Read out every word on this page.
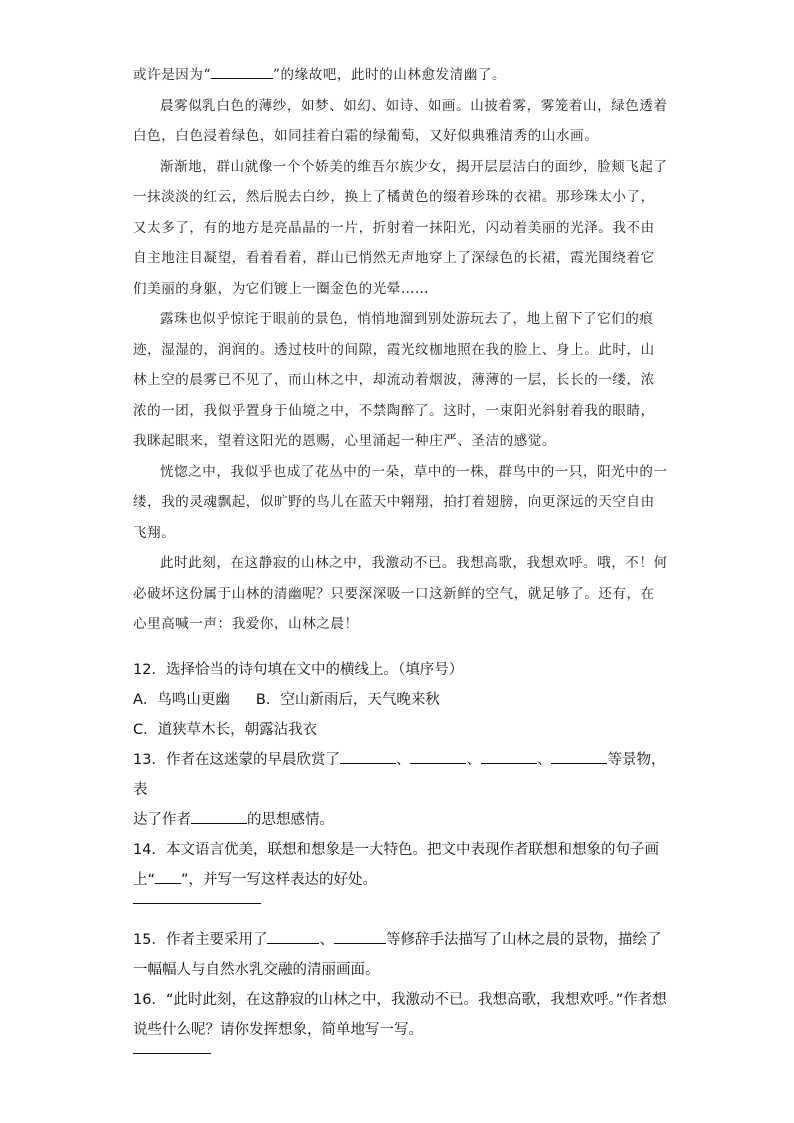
或许是因为“	”的缘故吧，此时的山林愈发清幽了。

晨雾似乳白色的薄纱，如梦、如幻、如诗、如画。山披着雾，雾笼着山，绿色透着白色，白色浸着绿色，如同挂着白霜的绿葡萄，又好似典雅清秀的山水画。

渐渐地，群山就像一个个娇美的维吾尔族少女，揭开层层洁白的面纱，脸颊飞起了一抹淡淡的红云，然后脱去白纱，换上了橘黄色的缀着珍珠的衣裙。那珍珠太小了，又太多了，有的地方是亮晶晶的一片，折射着一抹阳光，闪动着美丽的光泽。我不由自主地注目凝望，看着看着，群山已悄然无声地穿上了深绿色的长裙，霞光围绕着它们美丽的身躯，为它们镀上一圈金色的光晕……

露珠也似乎惊诧于眼前的景色，悄悄地溜到别处游玩去了，地上留下了它们的痕迹，湿湿的，润润的。透过枝叶的间隙，霞光纹枷地照在我的脸上、身上。此时，山林上空的晨雾已不见了，而山林之中，却流动着烟波，薄薄的一层，长长的一缕，浓浓的一团，我似乎置身于仙境之中，不禁陶醉了。这时，一束阳光斜射着我的眼睛，我眯起眼来，望着这阳光的恩赐，心里涌起一种庄严、圣洁的感觉。

恍惚之中，我似乎也成了花丛中的一朵，草中的一株，群鸟中的一只，阳光中的一缕，我的灵魂飘起，似旷野的鸟儿在蓝天中翱翔，拍打着翅膀，向更深远的天空自由飞翔。

此时此刻，在这静寂的山林之中，我激动不已。我想高歌，我想欢呼。哦，不！何必破坏这份属于山林的清幽呢？只要深深吸一口这新鲜的空气，就足够了。还有，在心里高喊一声：我爱你，山林之晨！

12．选择恰当的诗句填在文中的横线上。（填序号）

A．鸟鸣山更幽 B．空山新雨后，天气晚来秋

C．道狭草木长，朝露沾我衣

13．作者在这迷蒙的早晨欣赏了	、	、	、	等景物，表
达了作者	的思想感情。

14．本文语言优美，联想和想象是一大特色。把文中表现作者联想和想象的句子画上“ ”，并写一写这样表达的好处。

15．作者主要采用了	、	等修辞手法描写了山林之晨的景物，描绘了一幅幅人与自然水乳交融的清丽画面。

16．“此时此刻，在这静寂的山林之中，我激动不已。我想高歌，我想欢呼。”作者想说些什么呢？请你发挥想象，简单地写一写。
